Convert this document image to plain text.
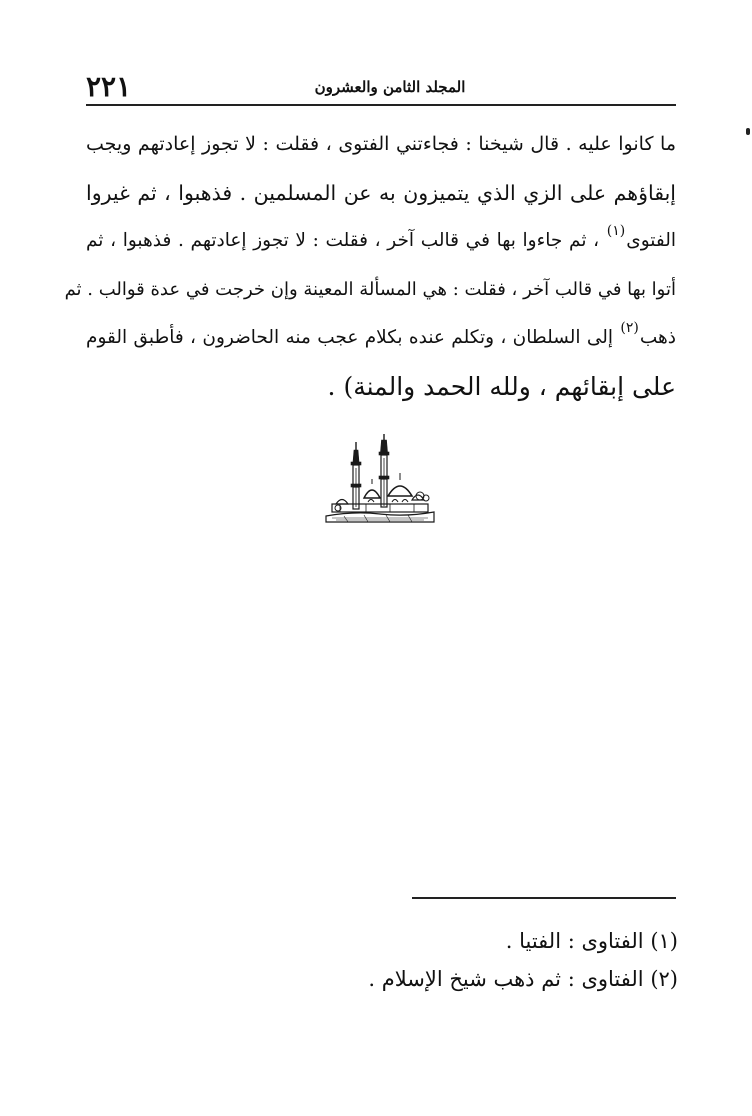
٢٢١	المجلد الثامن والعشرون
ما كانوا عليه . قال شيخنا : فجاءتني الفتوى ، فقلت : لا تجوز إعادتهم ويجب
إبقاؤهم على الزي الذي يتميزون به عن المسلمين . فذهبوا ، ثم غيروا
الفتوى$^{(١)}$ ، ثم جاءوا بها في قالب آخر ، فقلت : لا تجوز إعادتهم . فذهبوا ، ثم
أتوا بها في قالب آخر ، فقلت : هي المسألة المعينة وإن خرجت في عدة قوالب . ثم
ذهب$^{(٢)}$ إلى السلطان ، وتكلم عنده بكلام عجب منه الحاضرون ، فأطبق القوم
على إبقائهم ، ولله الحمد والمنة) .
(١) الفتاوى : الفتيا .
(٢) الفتاوى : ثم ذهب شيخ الإسلام .
